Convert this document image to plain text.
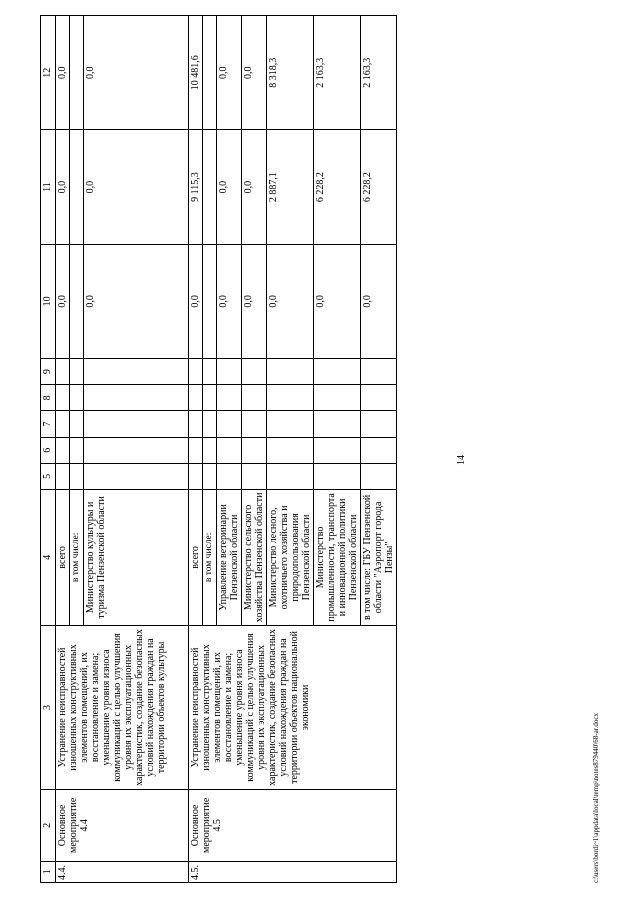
14
1	2	3	4	5	6	7	8	9	10	11	12
4.4.	Основное мероприятие 4.4	Устранение неисправностей изношенных конструктивных элементов помещений, их восстановление и замена; уменьшение уровня износа коммуникаций с целью улучшения уровня их эксплуатационных характеристик, создание безопасных условий нахождения граждан на территории объектов культуры	всего						0,0	0,0	0,0
			в том числе:								
			Министерство культуры и туризма Пензенской области						0,0	0,0	0,0
4.5.	Основное мероприятие 4.5	Устранение неисправностей изношенных конструктивных элементов помещений, их восстановление и замена; уменьшение уровня износа коммуникаций с целью улучшения уровня их эксплуатационных характеристик, создание безопасных условий нахождения граждан на территории объектов национальной экономики	всего						0,0	9 115,3	10 481,6
			в том числе:								
			Управление ветеринарии Пензенской области						0,0	0,0	0,0
			Министерство сельского хозяйства Пензенской области						0,0	0,0	0,0
			Министерство лесного, охотничьего хозяйства и природопользования Пензенской области						0,0	2 887,1	8 318,3
			Министерство промышленности, транспорта и инновационной политики Пензенской области						0,0	6 228,2	2 163,3
			в том числе: ГБУ Пензенской области "Аэропорт города Пензы"						0,0	6 228,2	2 163,3
c:\users\bordi~1\appdata\local\temp\notes879440\68-ar.docx
